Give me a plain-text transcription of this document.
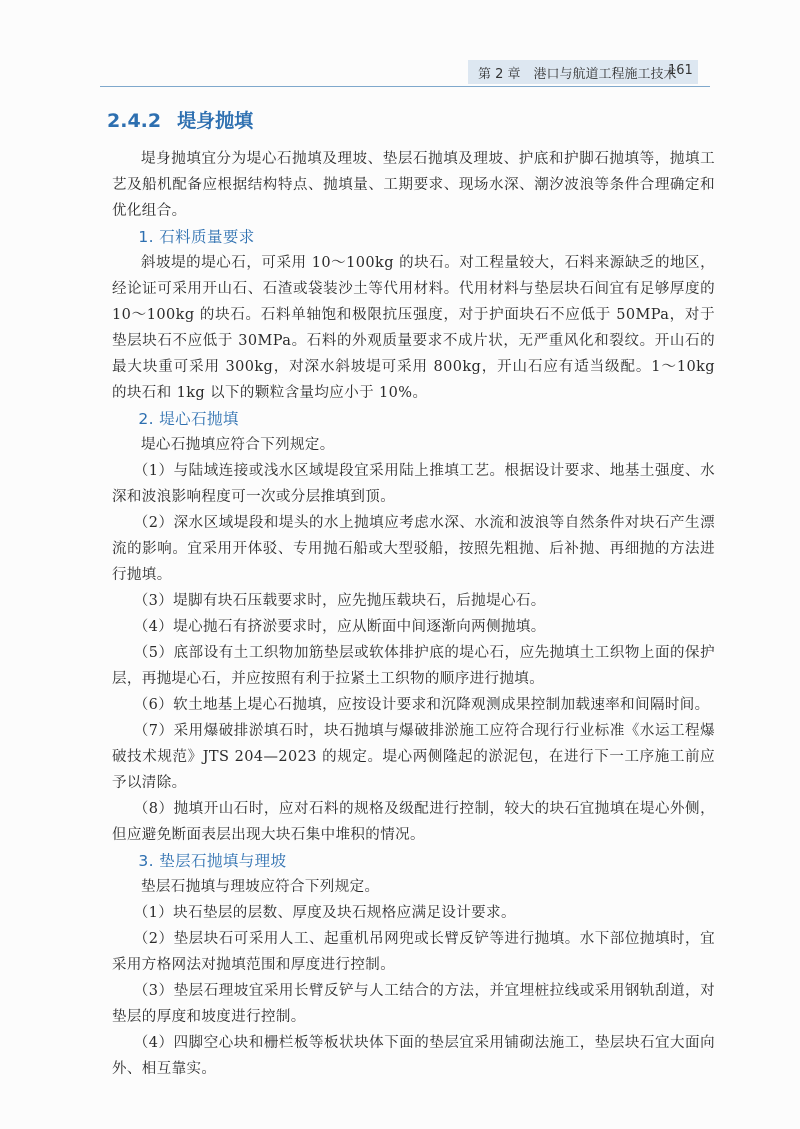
第 2 章　港口与航道工程施工技术
161
2.4.2 堤身抛填

堤身抛填宜分为堤心石抛填及理坡、垫层石抛填及理坡、护底和护脚石抛填等，抛填工艺及船机配备应根据结构特点、抛填量、工期要求、现场水深、潮汐波浪等条件合理确定和优化组合。

1. 石料质量要求

斜坡堤的堤心石，可采用 10～100kg 的块石。对工程量较大，石料来源缺乏的地区，经论证可采用开山石、石渣或袋装沙土等代用材料。代用材料与垫层块石间宜有足够厚度的 10～100kg 的块石。石料单轴饱和极限抗压强度，对于护面块石不应低于 50MPa，对于垫层块石不应低于 30MPa。石料的外观质量要求不成片状，无严重风化和裂纹。开山石的最大块重可采用 300kg，对深水斜坡堤可采用 800kg，开山石应有适当级配。1～10kg 的块石和 1kg 以下的颗粒含量均应小于 10%。

2. 堤心石抛填

堤心石抛填应符合下列规定。

（1）与陆域连接或浅水区域堤段宜采用陆上推填工艺。根据设计要求、地基土强度、水深和波浪影响程度可一次或分层推填到顶。

（2）深水区域堤段和堤头的水上抛填应考虑水深、水流和波浪等自然条件对块石产生漂流的影响。宜采用开体驳、专用抛石船或大型驳船，按照先粗抛、后补抛、再细抛的方法进行抛填。

（3）堤脚有块石压载要求时，应先抛压载块石，后抛堤心石。

（4）堤心抛石有挤淤要求时，应从断面中间逐渐向两侧抛填。

（5）底部设有土工织物加筋垫层或软体排护底的堤心石，应先抛填土工织物上面的保护层，再抛堤心石，并应按照有利于拉紧土工织物的顺序进行抛填。

（6）软土地基上堤心石抛填，应按设计要求和沉降观测成果控制加载速率和间隔时间。

（7）采用爆破排淤填石时，块石抛填与爆破排淤施工应符合现行行业标准《水运工程爆破技术规范》JTS 204—2023 的规定。堤心两侧隆起的淤泥包，在进行下一工序施工前应予以清除。

（8）抛填开山石时，应对石料的规格及级配进行控制，较大的块石宜抛填在堤心外侧，但应避免断面表层出现大块石集中堆积的情况。

3. 垫层石抛填与理坡

垫层石抛填与理坡应符合下列规定。

（1）块石垫层的层数、厚度及块石规格应满足设计要求。

（2）垫层块石可采用人工、起重机吊网兜或长臂反铲等进行抛填。水下部位抛填时，宜采用方格网法对抛填范围和厚度进行控制。

（3）垫层石理坡宜采用长臂反铲与人工结合的方法，并宜埋桩拉线或采用钢轨刮道，对垫层的厚度和坡度进行控制。

（4）四脚空心块和栅栏板等板状块体下面的垫层宜采用铺砌法施工，垫层块石宜大面向外、相互靠实。
